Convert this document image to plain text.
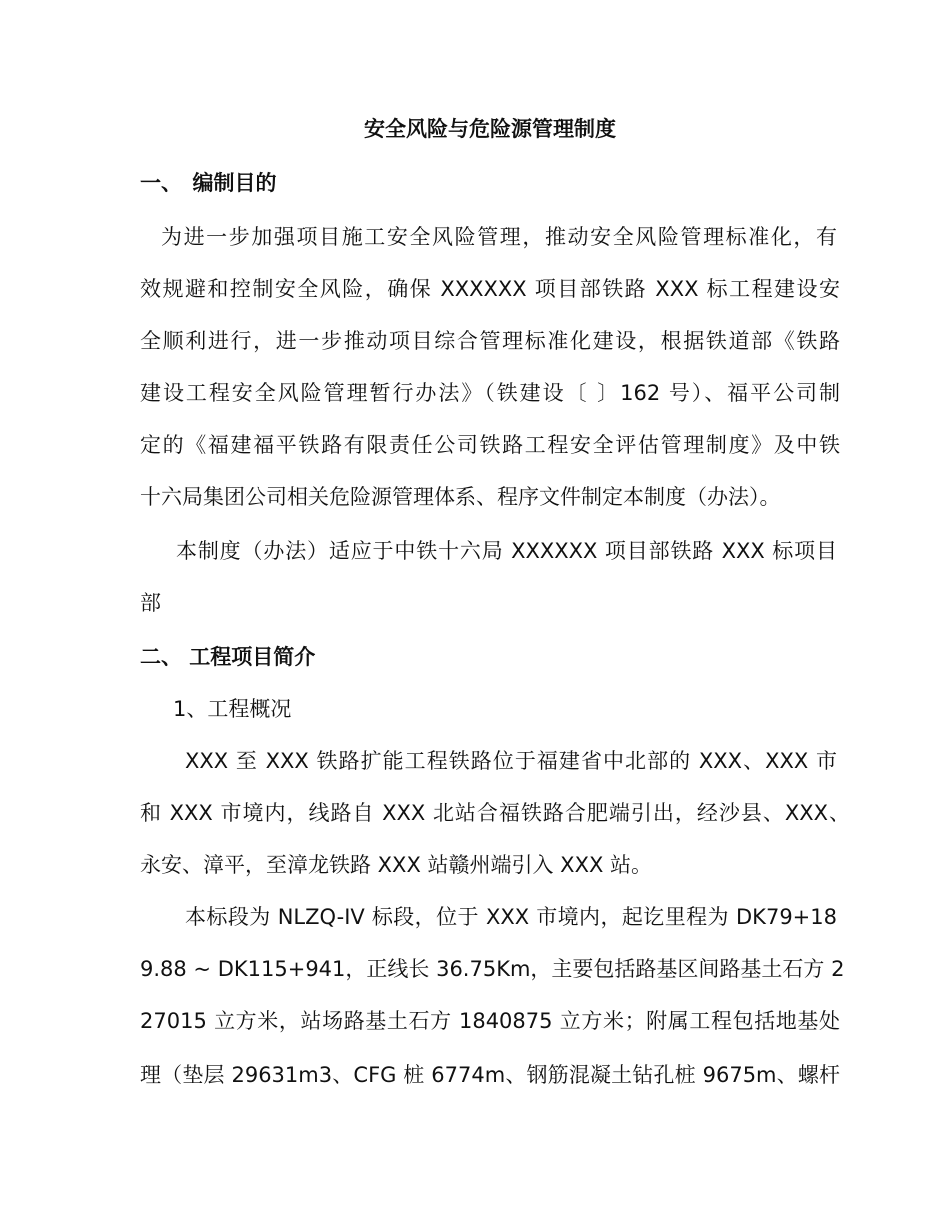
安全风险与危险源管理制度
一、　编制目的
为进一步加强项目施工安全风险管理，推动安全风险管理标准化，有
效规避和控制安全风险，确保 XXXXXX 项目部铁路 XXX 标工程建设安
全顺利进行，进一步推动项目综合管理标准化建设，根据铁道部《铁路
建设工程安全风险管理暂行办法》（铁建设〔 〕162 号）、福平公司制
定的《福建福平铁路有限责任公司铁路工程安全评估管理制度》及中铁
十六局集团公司相关危险源管理体系、程序文件制定本制度（办法）。
本制度（办法）适应于中铁十六局 XXXXXX 项目部铁路 XXX 标项目
部
二、 工程项目简介
1、工程概况
XXX 至 XXX 铁路扩能工程铁路位于福建省中北部的 XXX、XXX 市
和 XXX 市境内，线路自 XXX 北站合福铁路合肥端引出，经沙县、XXX、
永安、漳平，至漳龙铁路 XXX 站赣州端引入 XXX 站。
本标段为 NLZQ-IV 标段，位于 XXX 市境内，起讫里程为 DK79+18
9.88 ~ DK115+941，正线长 36.75Km，主要包括路基区间路基土石方 2
27015 立方米，站场路基土石方 1840875 立方米；附属工程包括地基处
理（垫层 29631m3、CFG 桩 6774m、钢筋混凝土钻孔桩 9675m、螺杆
